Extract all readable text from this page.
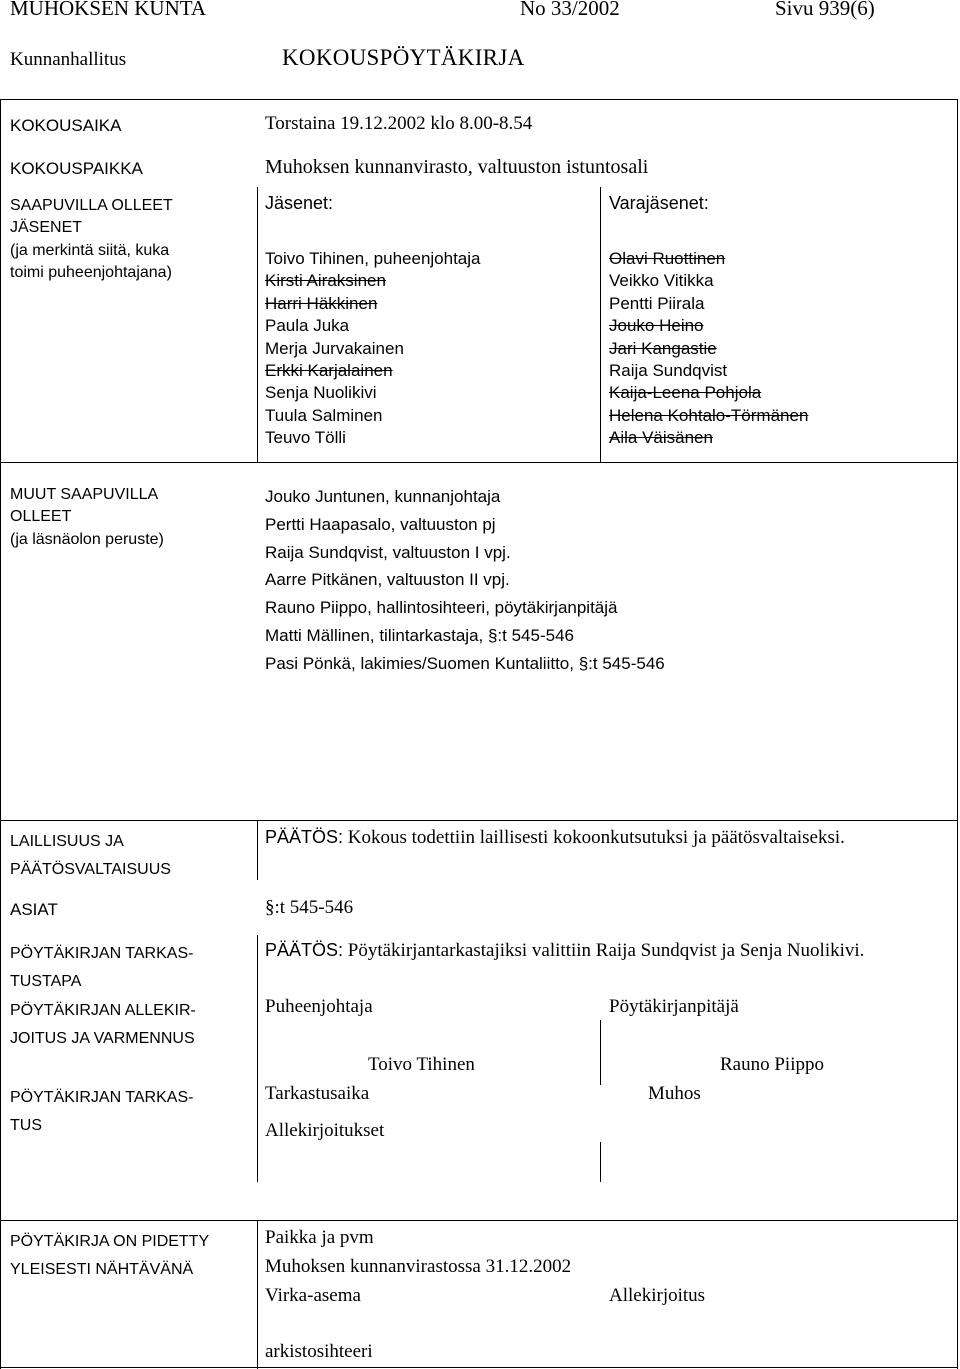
MUHOKSEN KUNTA	No 33/2002	Sivu 939(6)
Kunnanhallitus	KOKOUSPÖYTÄKIRJA
KOKOUSAIKA	Torstaina 19.12.2002 klo 8.00-8.54
KOKOUSPAIKKA	Muhoksen kunnanvirasto, valtuuston istuntosali
SAAPUVILLA OLLEET
JÄSENET
(ja merkintä siitä, kuka
toimi puheenjohtajana)
Jäsenet:
Toivo Tihinen, puheenjohtaja
Kirsti Airaksinen
Harri Häkkinen
Paula Juka
Merja Jurvakainen
Erkki Karjalainen
Senja Nuolikivi
Tuula Salminen
Teuvo Tölli
Varajäsenet:
Olavi Ruottinen
Veikko Vitikka
Pentti Piirala
Jouko Heino
Jari Kangastie
Raija Sundqvist
Kaija-Leena Pohjola
Helena Kohtalo-Törmänen
Aila Väisänen
MUUT SAAPUVILLA
OLLEET
(ja läsnäolon peruste)
Jouko Juntunen, kunnanjohtaja
Pertti Haapasalo, valtuuston pj
Raija Sundqvist, valtuuston I vpj.
Aarre Pitkänen, valtuuston II vpj.
Rauno Piippo, hallintosihteeri, pöytäkirjanpitäjä
Matti Mällinen, tilintarkastaja, §:t 545-546
Pasi Pönkä, lakimies/Suomen Kuntaliitto, §:t 545-546
LAILLISUUS JA
PÄÄTÖSVALTAISUUS
PÄÄTÖS: Kokous todettiin laillisesti kokoonkutsutuksi ja päätösvaltaiseksi.
ASIAT	§:t 545-546
PÖYTÄKIRJAN TARKAS-
TUSTAPA
PÄÄTÖS: Pöytäkirjantarkastajiksi valittiin Raija Sundqvist ja Senja Nuolikivi.
PÖYTÄKIRJAN ALLEKIR-
JOITUS JA VARMENNUS
Puheenjohtaja	Pöytäkirjanpitäjä
Toivo Tihinen	Rauno Piippo
PÖYTÄKIRJAN TARKAS-
TUS
Tarkastusaika	Muhos
Allekirjoitukset
PÖYTÄKIRJA ON PIDETTY
YLEISESTI NÄHTÄVÄNÄ
Paikka ja pvm
Muhoksen kunnanvirastossa 31.12.2002
Virka-asema	Allekirjoitus
arkistosihteeri
